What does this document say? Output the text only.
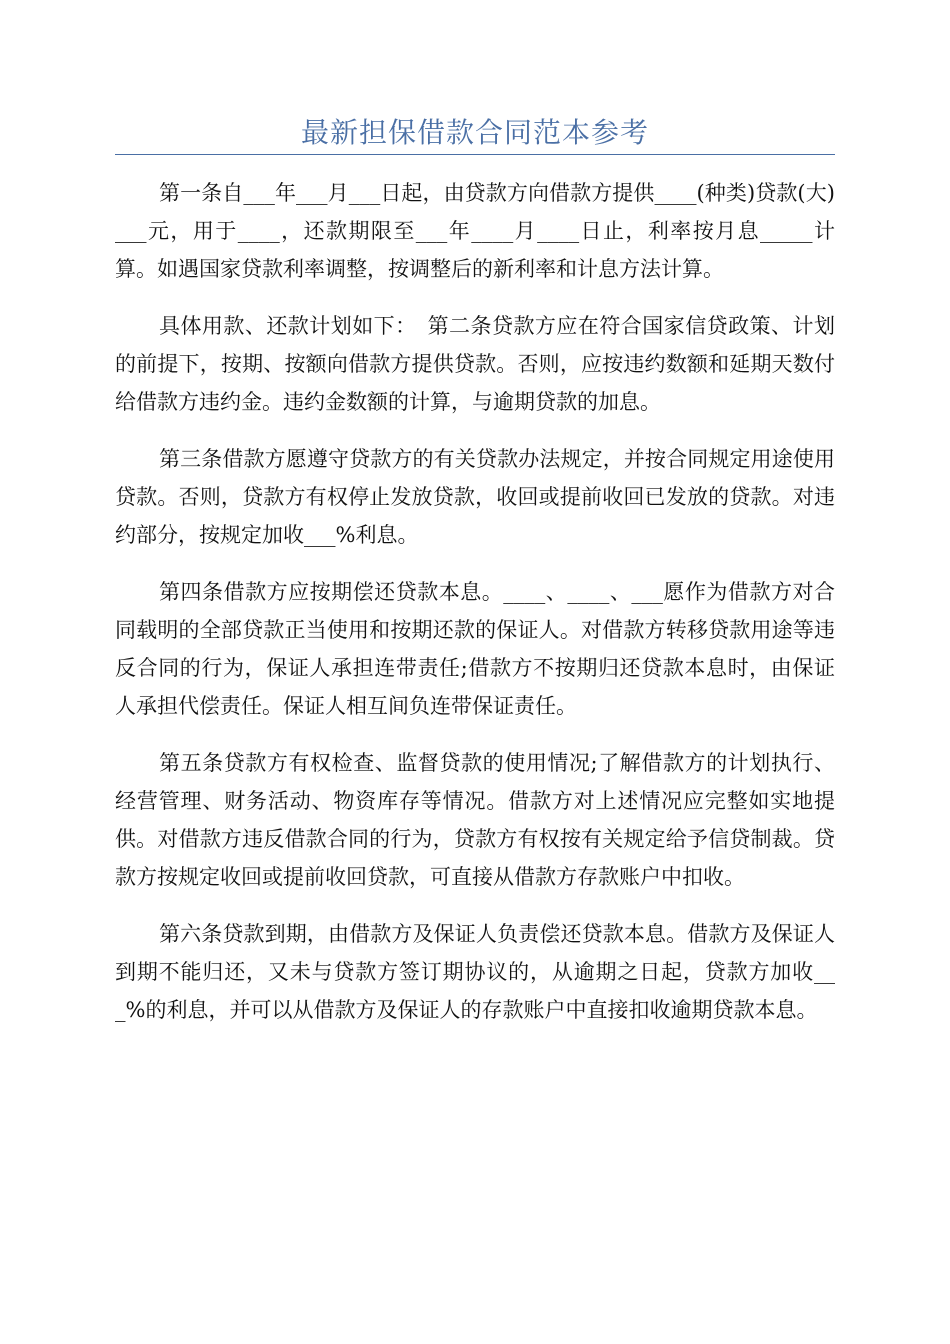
最新担保借款合同范本参考

第一条自___年___月___日起，由贷款方向借款方提供____(种类)贷款(大)___元，用于____，还款期限至___年____月____日止，利率按月息_____计算。如遇国家贷款利率调整，按调整后的新利率和计息方法计算。

具体用款、还款计划如下：　第二条贷款方应在符合国家信贷政策、计划的前提下，按期、按额向借款方提供贷款。否则，应按违约数额和延期天数付给借款方违约金。违约金数额的计算，与逾期贷款的加息。

第三条借款方愿遵守贷款方的有关贷款办法规定，并按合同规定用途使用贷款。否则，贷款方有权停止发放贷款，收回或提前收回已发放的贷款。对违约部分，按规定加收___%利息。

第四条借款方应按期偿还贷款本息。____、____、___愿作为借款方对合同载明的全部贷款正当使用和按期还款的保证人。对借款方转移贷款用途等违反合同的行为，保证人承担连带责任;借款方不按期归还贷款本息时，由保证人承担代偿责任。保证人相互间负连带保证责任。

第五条贷款方有权检查、监督贷款的使用情况;了解借款方的计划执行、经营管理、财务活动、物资库存等情况。借款方对上述情况应完整如实地提供。对借款方违反借款合同的行为，贷款方有权按有关规定给予信贷制裁。贷款方按规定收回或提前收回贷款，可直接从借款方存款账户中扣收。

第六条贷款到期，由借款方及保证人负责偿还贷款本息。借款方及保证人到期不能归还，又未与贷款方签订期协议的，从逾期之日起，贷款方加收___%的利息，并可以从借款方及保证人的存款账户中直接扣收逾期贷款本息。
